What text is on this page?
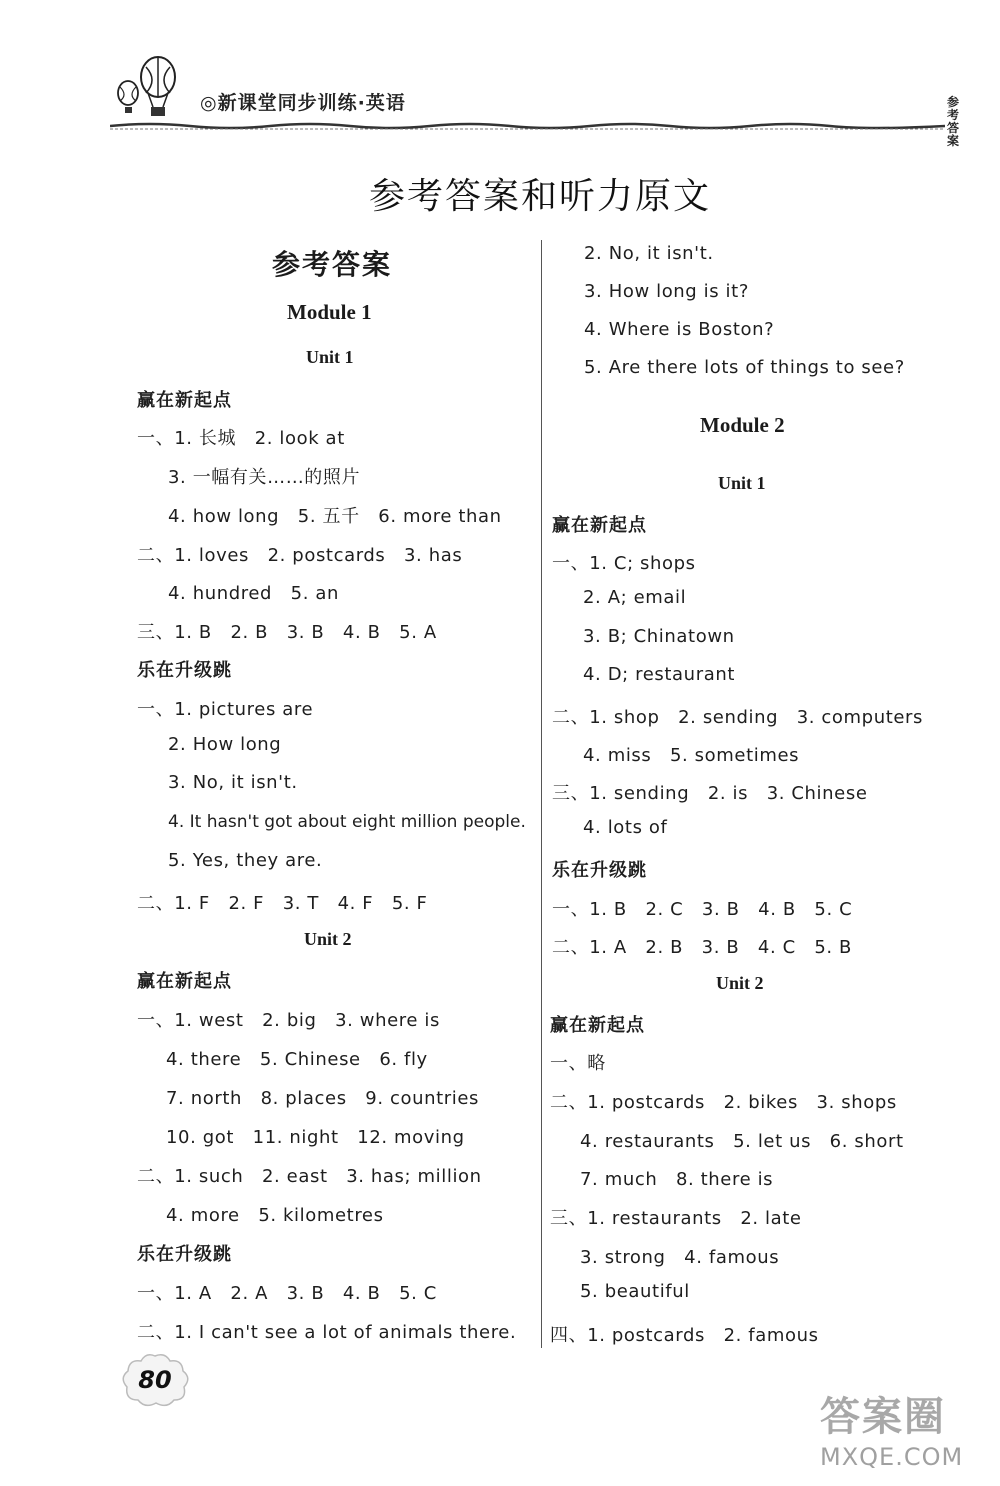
◎新课堂同步训练·英语	参考答案
参考答案和听力原文
参考答案
Module 1
Unit 1
赢在新起点
一、1. 长城　2. look at
3. 一幅有关……的照片
4. how long　5. 五千　6. more than
二、1. loves　2. postcards　3. has
4. hundred　5. an
三、1. B　2. B　3. B　4. B　5. A
乐在升级跳
一、1. pictures are
2. How long
3. No, it isn't.
4. It hasn't got about eight million people.
5. Yes, they are.
二、1. F　2. F　3. T　4. F　5. F
Unit 2
赢在新起点
一、1. west　2. big　3. where is
4. there　5. Chinese　6. fly
7. north　8. places　9. countries
10. got　11. night　12. moving
二、1. such　2. east　3. has; million
4. more　5. kilometres
乐在升级跳
一、1. A　2. A　3. B　4. B　5. C
二、1. I can't see a lot of animals there.
2. No, it isn't.
3. How long is it?
4. Where is Boston?
5. Are there lots of things to see?
Module 2
Unit 1
赢在新起点
一、1. C; shops
2. A; email
3. B; Chinatown
4. D; restaurant
二、1. shop　2. sending　3. computers
4. miss　5. sometimes
三、1. sending　2. is　3. Chinese
4. lots of
乐在升级跳
一、1. B　2. C　3. B　4. B　5. C
二、1. A　2. B　3. B　4. C　5. B
Unit 2
赢在新起点
一、略
二、1. postcards　2. bikes　3. shops
4. restaurants　5. let us　6. short
7. much　8. there is
三、1. restaurants　2. late
3. strong　4. famous
5. beautiful
四、1. postcards　2. famous
80
答案圈
MXQE.COM
